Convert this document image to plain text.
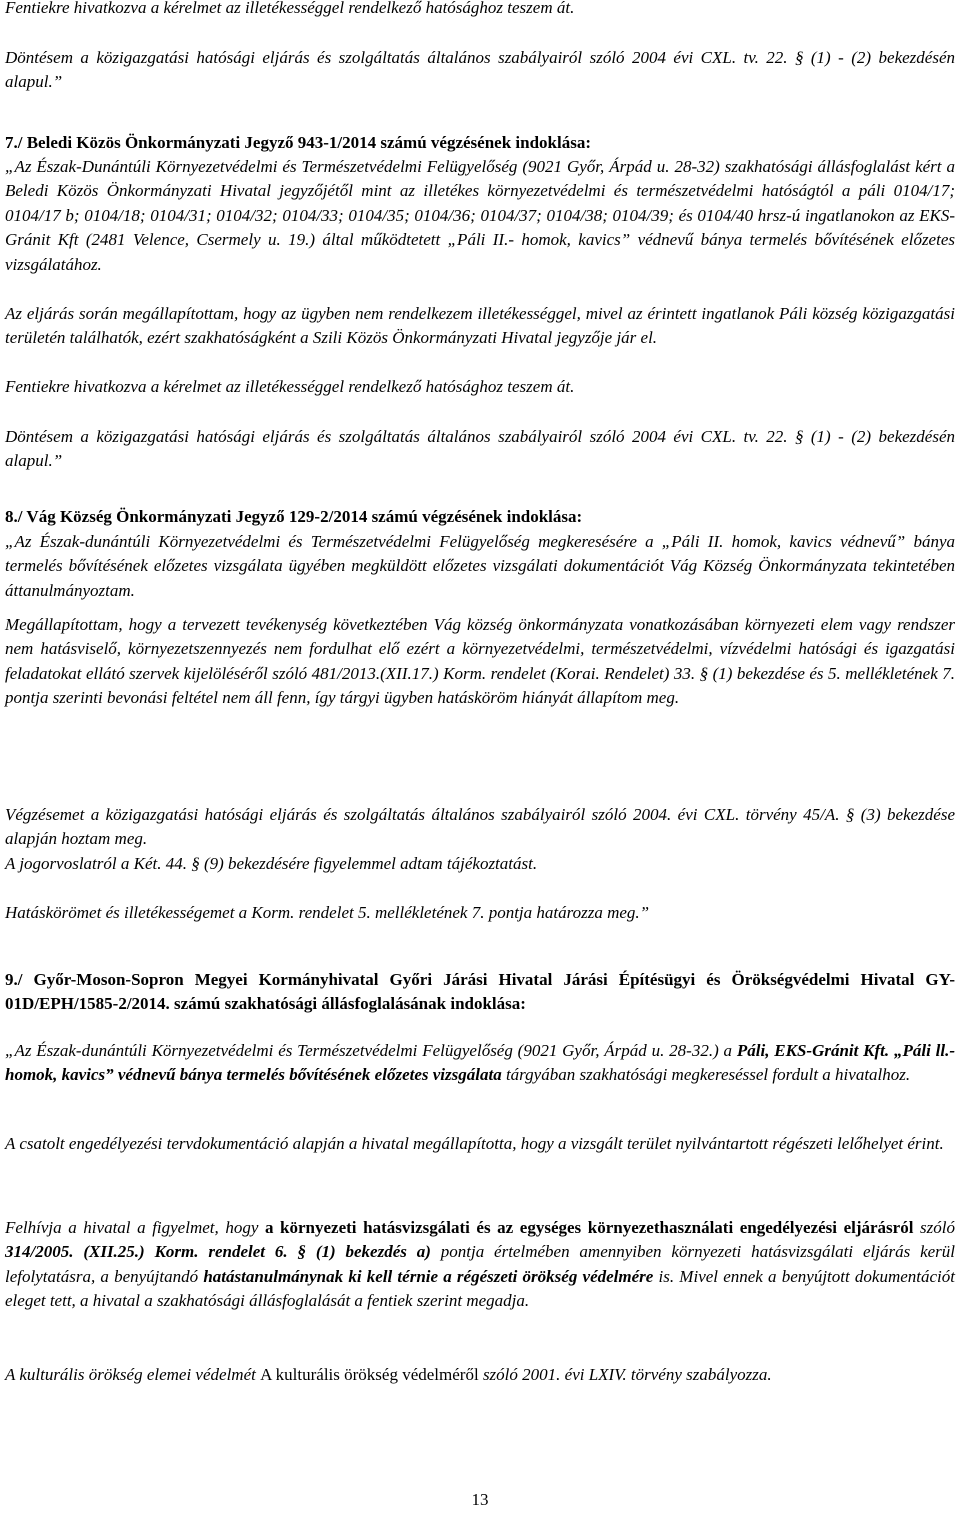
Fentiekre hivatkozva a kérelmet az illetékességgel rendelkező hatósághoz teszem át.

Döntésem a közigazgatási hatósági eljárás és szolgáltatás általános szabályairól szóló 2004 évi CXL. tv. 22. § (1) - (2) bekezdésén alapul.”

7./ Beledi Közös Önkormányzati Jegyző 943-1/2014 számú végzésének indoklása:

„Az Észak-Dunántúli Környezetvédelmi és Természetvédelmi Felügyelőség (9021 Győr, Árpád u. 28-32) szakhatósági állásfoglalást kért a Beledi Közös Önkormányzati Hivatal jegyzőjétől mint az illetékes környezetvédelmi és természetvédelmi hatóságtól a páli 0104/17; 0104/17 b; 0104/18; 0104/31; 0104/32; 0104/33; 0104/35; 0104/36; 0104/37; 0104/38; 0104/39; és 0104/40 hrsz-ú ingatlanokon az EKS-Gránit Kft (2481 Velence, Csermely u. 19.) által működtetett „Páli II.- homok, kavics” védnevű bánya termelés bővítésének előzetes vizsgálatához.

Az eljárás során megállapítottam, hogy az ügyben nem rendelkezem illetékességgel, mivel az érintett ingatlanok Páli község közigazgatási területén találhatók, ezért szakhatóságként a Szili Közös Önkormányzati Hivatal jegyzője jár el.

Fentiekre hivatkozva a kérelmet az illetékességgel rendelkező hatósághoz teszem át.

Döntésem a közigazgatási hatósági eljárás és szolgáltatás általános szabályairól szóló 2004 évi CXL. tv. 22. § (1) - (2) bekezdésén alapul.”

8./ Vág Község Önkormányzati Jegyző 129-2/2014 számú végzésének indoklása:

„Az Észak-dunántúli Környezetvédelmi és Természetvédelmi Felügyelőség megkeresésére a „Páli II. homok, kavics védnevű” bánya termelés bővítésének előzetes vizsgálata ügyében megküldött előzetes vizsgálati dokumentációt Vág Község Önkormányzata tekintetében áttanulmányoztam.

Megállapítottam, hogy a tervezett tevékenység következtében Vág község önkormányzata vonatkozásában környezeti elem vagy rendszer nem hatásviselő, környezetszennyezés nem fordulhat elő ezért a környezetvédelmi, természetvédelmi, vízvédelmi hatósági és igazgatási feladatokat ellátó szervek kijelöléséről szóló 481/2013.(XII.17.) Korm. rendelet (Korai. Rendelet) 33. § (1) bekezdése és 5. mellékletének 7. pontja szerinti bevonási feltétel nem áll fenn, így tárgyi ügyben hatásköröm hiányát állapítom meg.

Végzésemet a közigazgatási hatósági eljárás és szolgáltatás általános szabályairól szóló 2004. évi CXL. törvény 45/A. § (3) bekezdése alapján hoztam meg.

A jogorvoslatról a Két. 44. § (9) bekezdésére figyelemmel adtam tájékoztatást.

Hatáskörömet és illetékességemet a Korm. rendelet 5. mellékletének 7. pontja határozza meg.”

9./ Győr-Moson-Sopron Megyei Kormányhivatal Győri Járási Hivatal Járási Építésügyi és Örökségvédelmi Hivatal GY-01D/EPH/1585-2/2014. számú szakhatósági állásfoglalásának indoklása:

„Az Észak-dunántúli Környezetvédelmi és Természetvédelmi Felügyelőség (9021 Győr, Árpád u. 28-32.) a Páli, EKS-Gránit Kft. „Páli ll.-homok, kavics” védnevű bánya termelés bővítésének előzetes vizsgálata tárgyában szakhatósági megkereséssel fordult a hivatalhoz.

A csatolt engedélyezési tervdokumentáció alapján a hivatal megállapította, hogy a vizsgált terület nyilvántartott régészeti lelőhelyet érint.

Felhívja a hivatal a figyelmet, hogy a környezeti hatásvizsgálati és az egységes környezethasználati engedélyezési eljárásról szóló 314/2005. (XII.25.) Korm. rendelet 6. § (1) bekezdés a) pontja értelmében amennyiben környezeti hatásvizsgálati eljárás kerül lefolytatásra, a benyújtandó hatástanulmánynak ki kell térnie a régészeti örökség védelmére is. Mivel ennek a benyújtott dokumentációt eleget tett, a hivatal a szakhatósági állásfoglalását a fentiek szerint megadja.

A kulturális örökség elemei védelmét A kulturális örökség védelméről szóló 2001. évi LXIV. törvény szabályozza.

13
